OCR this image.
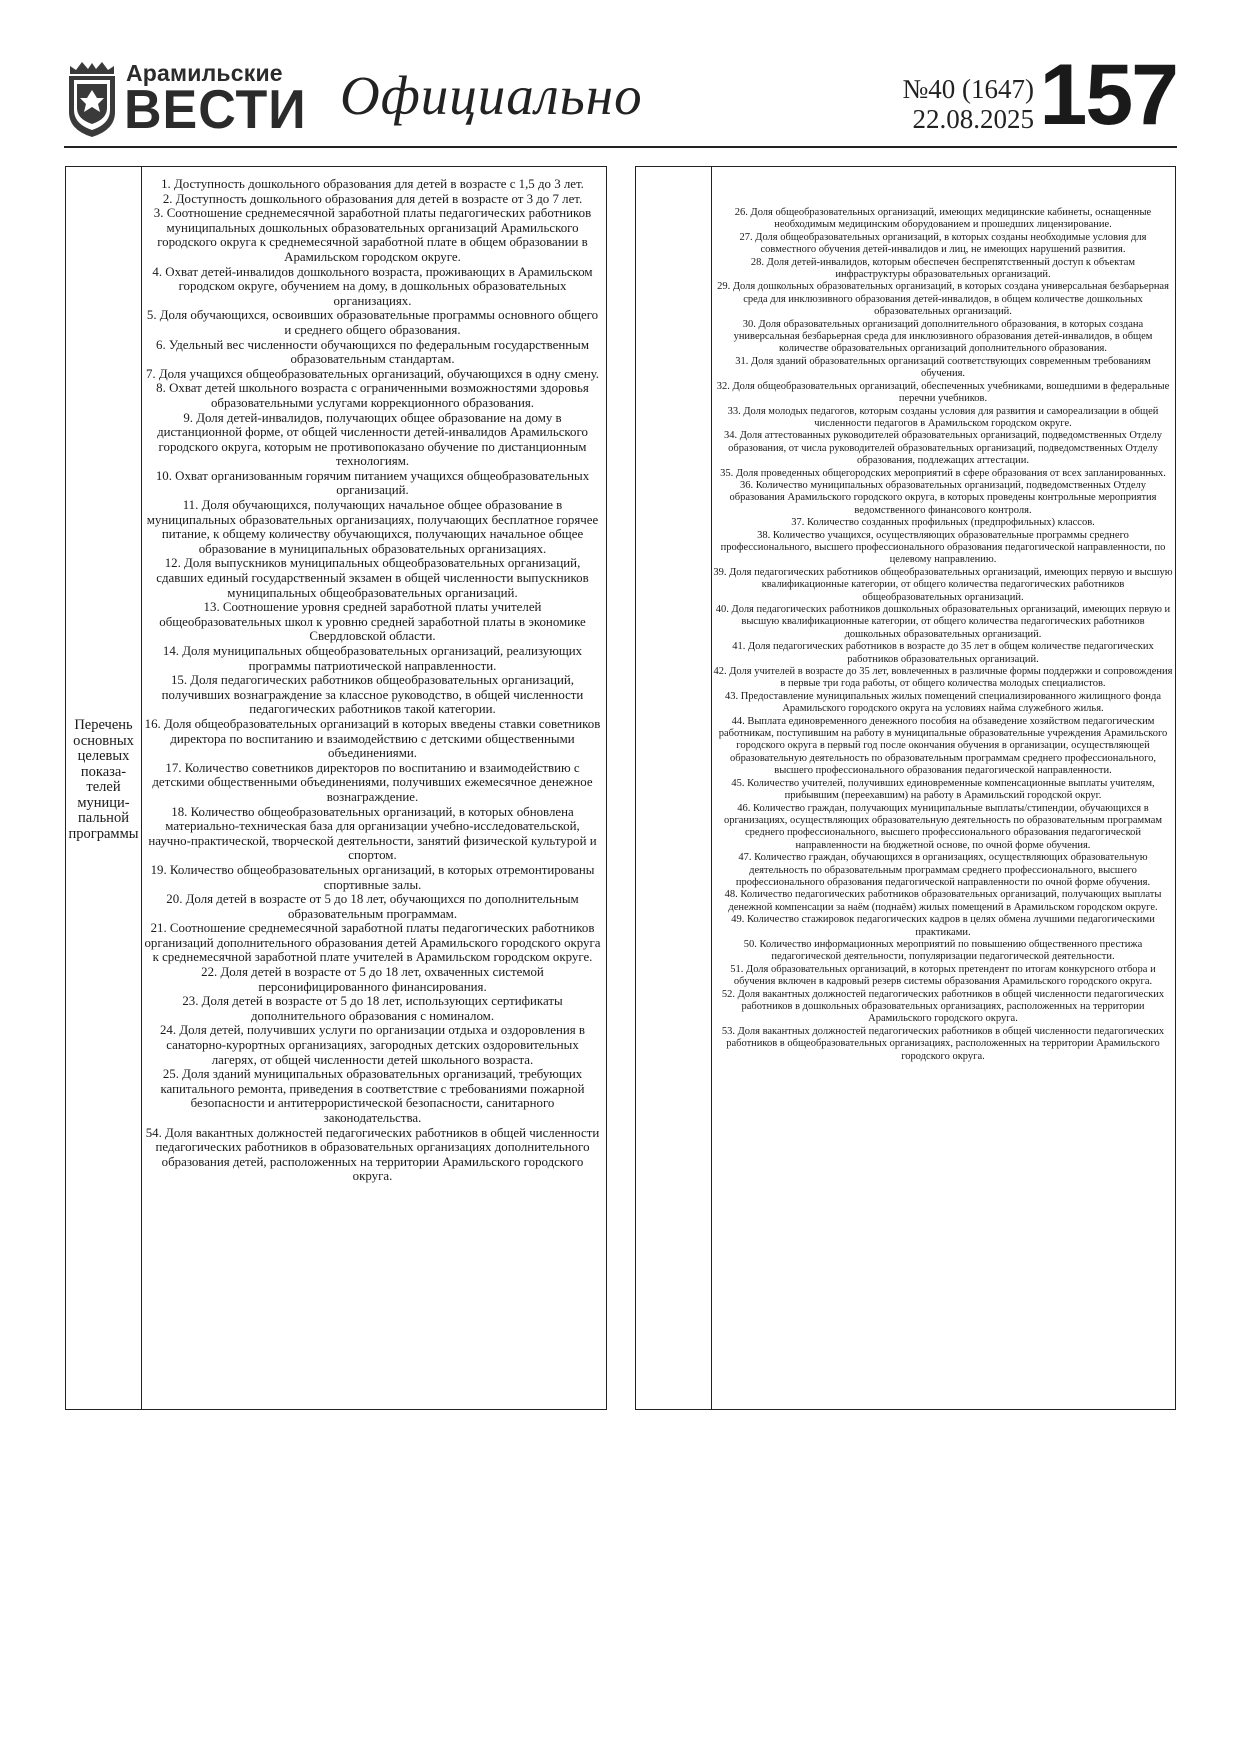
Арамильские
ВЕСТИ Официально	№40 (1647)
22.08.2025 157
Перечень основных целевых показа- телей муници- пальной программы

1. Доступность дошкольного образования для детей в возрасте с 1,5 до 3 лет.

2. Доступность дошкольного образования для детей в возрасте от 3 до 7 лет.

3. Соотношение среднемесячной заработной платы педагогических работников муниципальных дошкольных образовательных организаций Арамильского городского округа к среднемесячной заработной плате в общем образовании в Арамильском городском округе.

4. Охват детей-инвалидов дошкольного возраста, проживающих в Арамильском городском округе, обучением на дому, в дошкольных образовательных организациях.

5. Доля обучающихся, освоивших образовательные программы основного общего и среднего общего образования.

6. Удельный вес численности обучающихся по федеральным государственным образовательным стандартам.

7. Доля учащихся общеобразовательных организаций, обучающихся в одну смену.

8. Охват детей школьного возраста с ограниченными возможностями здоровья образовательными услугами коррекционного образования.

9. Доля детей-инвалидов, получающих общее образование на дому в дистанционной форме, от общей численности детей-инвалидов Арамильского городского округа, которым не противопоказано обучение по дистанционным технологиям.

10. Охват организованным горячим питанием учащихся общеобразовательных организаций.

11. Доля обучающихся, получающих начальное общее образование в муниципальных образовательных организациях, получающих бесплатное горячее питание, к общему количеству обучающихся, получающих начальное общее образование в муниципальных образовательных организациях.

12. Доля выпускников муниципальных общеобразовательных организаций, сдавших единый государственный экзамен в общей численности выпускников муниципальных общеобразовательных организаций.

13. Соотношение уровня средней заработной платы учителей общеобразовательных школ к уровню средней заработной платы в экономике Свердловской области.

14. Доля муниципальных общеобразовательных организаций, реализующих программы патриотической направленности.

15. Доля педагогических работников общеобразовательных организаций, получивших вознаграждение за классное руководство, в общей численности педагогических работников такой категории.

16. Доля общеобразовательных организаций в которых введены ставки советников директора по воспитанию и взаимодействию с детскими общественными объединениями.

17. Количество советников директоров по воспитанию и взаимодействию с детскими общественными объединениями, получивших ежемесячное денежное вознаграждение.

18. Количество общеобразовательных организаций, в которых обновлена материально-техническая база для организации учебно-исследовательской, научно-практической, творческой деятельности, занятий физической культурой и спортом.

19. Количество общеобразовательных организаций, в которых отремонтированы спортивные залы.

20. Доля детей в возрасте от 5 до 18 лет, обучающихся по дополнительным образовательным программам.

21. Соотношение среднемесячной заработной платы педагогических работников организаций дополнительного образования детей Арамильского городского округа к среднемесячной заработной плате учителей в Арамильском городском округе.

22. Доля детей в возрасте от 5 до 18 лет, охваченных системой персонифицированного финансирования.

23. Доля детей в возрасте от 5 до 18 лет, использующих сертификаты дополнительного образования с номиналом.

24. Доля детей, получивших услуги по организации отдыха и оздоровления в санаторно-курортных организациях, загородных детских оздоровительных лагерях, от общей численности детей школьного возраста.

25. Доля зданий муниципальных образовательных организаций, требующих капитального ремонта, приведения в соответствие с требованиями пожарной безопасности и антитеррористической безопасности, санитарного законодательства.

54. Доля вакантных должностей педагогических работников в общей численности педагогических работников в образовательных организациях дополнительного образования детей, расположенных на территории Арамильского городского округа.

26. Доля общеобразовательных организаций, имеющих медицинские кабинеты, оснащенные необходимым медицинским оборудованием и прошедших лицензирование.

27. Доля общеобразовательных организаций, в которых созданы необходимые условия для совместного обучения детей-инвалидов и лиц, не имеющих нарушений развития.

28. Доля детей-инвалидов, которым обеспечен беспрепятственный доступ к объектам инфраструктуры образовательных организаций.

29. Доля дошкольных образовательных организаций, в которых создана универсальная безбарьерная среда для инклюзивного образования детей-инвалидов, в общем количестве дошкольных образовательных организаций.

30. Доля образовательных организаций дополнительного образования, в которых создана универсальная безбарьерная среда для инклюзивного образования детей-инвалидов, в общем количестве образовательных организаций дополнительного образования.

31. Доля зданий образовательных организаций соответствующих современным требованиям обучения.

32. Доля общеобразовательных организаций, обеспеченных учебниками, вошедшими в федеральные перечни учебников.

33. Доля молодых педагогов, которым созданы условия для развития и самореализации в общей численности педагогов в Арамильском городском округе.

34. Доля аттестованных руководителей образовательных организаций, подведомственных Отделу образования, от числа руководителей образовательных организаций, подведомственных Отделу образования, подлежащих аттестации.

35. Доля проведенных общегородских мероприятий в сфере образования от всех запланированных.

36. Количество муниципальных образовательных организаций, подведомственных Отделу образования Арамильского городского округа, в которых проведены контрольные мероприятия ведомственного финансового контроля.

37. Количество созданных профильных (предпрофильных) классов.

38. Количество учащихся, осуществляющих образовательные программы среднего профессионального, высшего профессионального образования педагогической направленности, по целевому направлению.

39. Доля педагогических работников общеобразовательных организаций, имеющих первую и высшую квалификационные категории, от общего количества педагогических работников общеобразовательных организаций.

40. Доля педагогических работников дошкольных образовательных организаций, имеющих первую и высшую квалификационные категории, от общего количества педагогических работников дошкольных образовательных организаций.

41. Доля педагогических работников в возрасте до 35 лет в общем количестве педагогических работников образовательных организаций.

42. Доля учителей в возрасте до 35 лет, вовлеченных в различные формы поддержки и сопровождения в первые три года работы, от общего количества молодых специалистов.

43. Предоставление муниципальных жилых помещений специализированного жилищного фонда Арамильского городского округа на условиях найма служебного жилья.

44. Выплата единовременного денежного пособия на обзаведение хозяйством педагогическим работникам, поступившим на работу в муниципальные образовательные учреждения Арамильского городского округа в первый год после окончания обучения в организации, осуществляющей образовательную деятельность по образовательным программам среднего профессионального, высшего профессионального образования педагогической направленности.

45. Количество учителей, получивших единовременные компенсационные выплаты учителям, прибывшим (переехавшим) на работу в Арамильский городской округ.

46. Количество граждан, получающих муниципальные выплаты/стипендии, обучающихся в организациях, осуществляющих образовательную деятельность по образовательным программам среднего профессионального, высшего профессионального образования педагогической направленности на бюджетной основе, по очной форме обучения.

47. Количество граждан, обучающихся в организациях, осуществляющих образовательную деятельность по образовательным программам среднего профессионального, высшего профессионального образования педагогической направленности по очной форме обучения.

48. Количество педагогических работников образовательных организаций, получающих выплаты денежной компенсации за наём (поднаём) жилых помещений в Арамильском городском округе.

49. Количество стажировок педагогических кадров в целях обмена лучшими педагогическими практиками.

50. Количество информационных мероприятий по повышению общественного престижа педагогической деятельности, популяризации педагогической деятельности.

51. Доля образовательных организаций, в которых претендент по итогам конкурсного отбора и обучения включен в кадровый резерв системы образования Арамильского городского округа.

52. Доля вакантных должностей педагогических работников в общей численности педагогических работников в дошкольных образовательных организациях, расположенных на территории Арамильского городского округа.

53. Доля вакантных должностей педагогических работников в общей численности педагогических работников в общеобразовательных организациях, расположенных на территории Арамильского городского округа.
